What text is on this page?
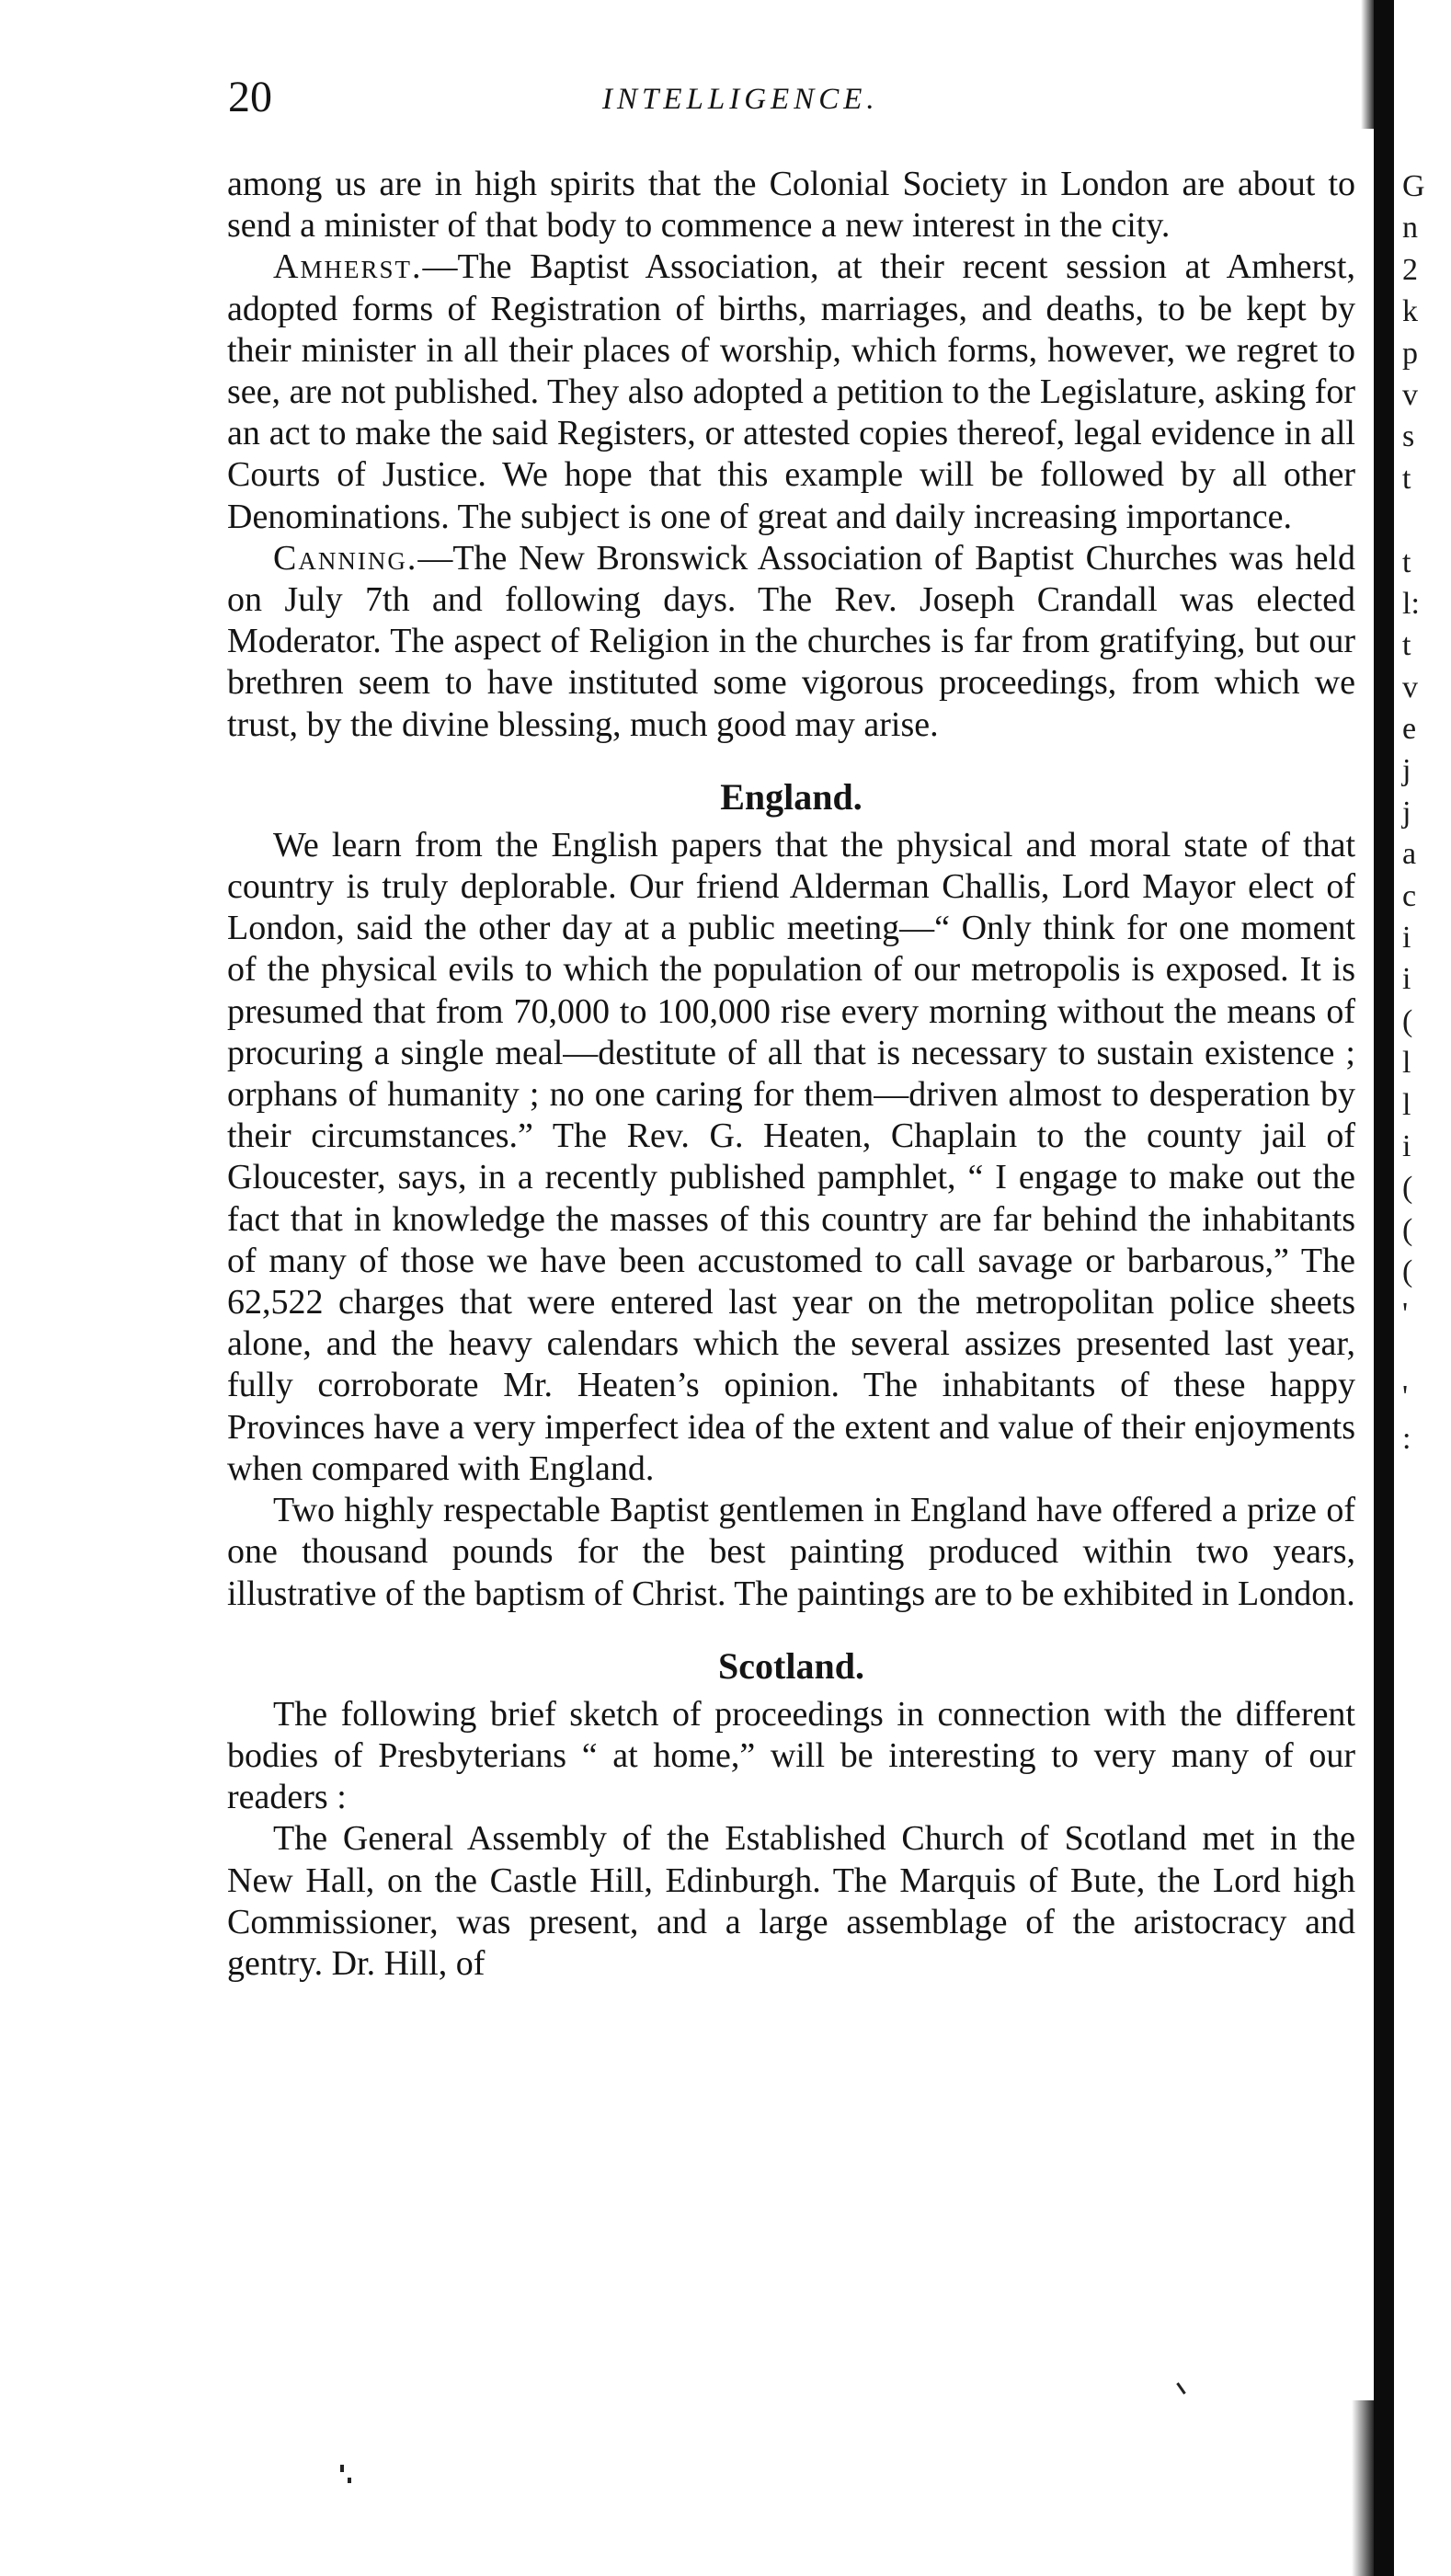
20	INTELLIGENCE.

among us are in high spirits that the Colonial Society in London are about to send a minister of that body to commence a new interest in the city.

Amherst.—The Baptist Association, at their recent session at Amherst, adopted forms of Registration of births, marriages, and deaths, to be kept by their minister in all their places of worship, which forms, however, we regret to see, are not published. They also adopted a petition to the Legislature, asking for an act to make the said Registers, or attested copies thereof, legal evidence in all Courts of Justice. We hope that this example will be followed by all other Denominations. The subject is one of great and daily increasing importance.

Canning.—The New Bronswick Association of Baptist Churches was held on July 7th and following days. The Rev. Joseph Crandall was elected Moderator. The aspect of Religion in the churches is far from gratifying, but our brethren seem to have instituted some vigorous proceedings, from which we trust, by the divine blessing, much good may arise.

England.

We learn from the English papers that the physical and moral state of that country is truly deplorable. Our friend Alderman Challis, Lord Mayor elect of London, said the other day at a public meeting—“ Only think for one moment of the physical evils to which the population of our metropolis is exposed. It is presumed that from 70,000 to 100,000 rise every morning without the means of procuring a single meal—destitute of all that is necessary to sustain existence ; orphans of humanity ; no one caring for them—driven almost to desperation by their circumstances.” The Rev. G. Heaten, Chaplain to the county jail of Gloucester, says, in a recently published pamphlet, “ I engage to make out the fact that in knowledge the masses of this country are far behind the inhabitants of many of those we have been accustomed to call savage or barbarous,” The 62,522 charges that were entered last year on the metropolitan police sheets alone, and the heavy calendars which the several assizes presented last year, fully corroborate Mr. Heaten’s opinion. The inhabitants of these happy Provinces have a very imperfect idea of the extent and value of their enjoyments when compared with England.

Two highly respectable Baptist gentlemen in England have offered a prize of one thousand pounds for the best painting produced within two years, illustrative of the baptism of Christ. The paintings are to be exhibited in London.

Scotland.

The following brief sketch of proceedings in connection with the different bodies of Presbyterians “ at home,” will be interesting to very many of our readers :

The General Assembly of the Established Church of Scotland met in the New Hall, on the Castle Hill, Edinburgh. The Marquis of Bute, the Lord high Commissioner, was present, and a large assemblage of the aristocracy and gentry. Dr. Hill, of

G
n
2
k
p
v
s
t
t
l:
t
v
e
j
j
a
c
i
i
(
l
l
i
(
(
(
'
'
:
